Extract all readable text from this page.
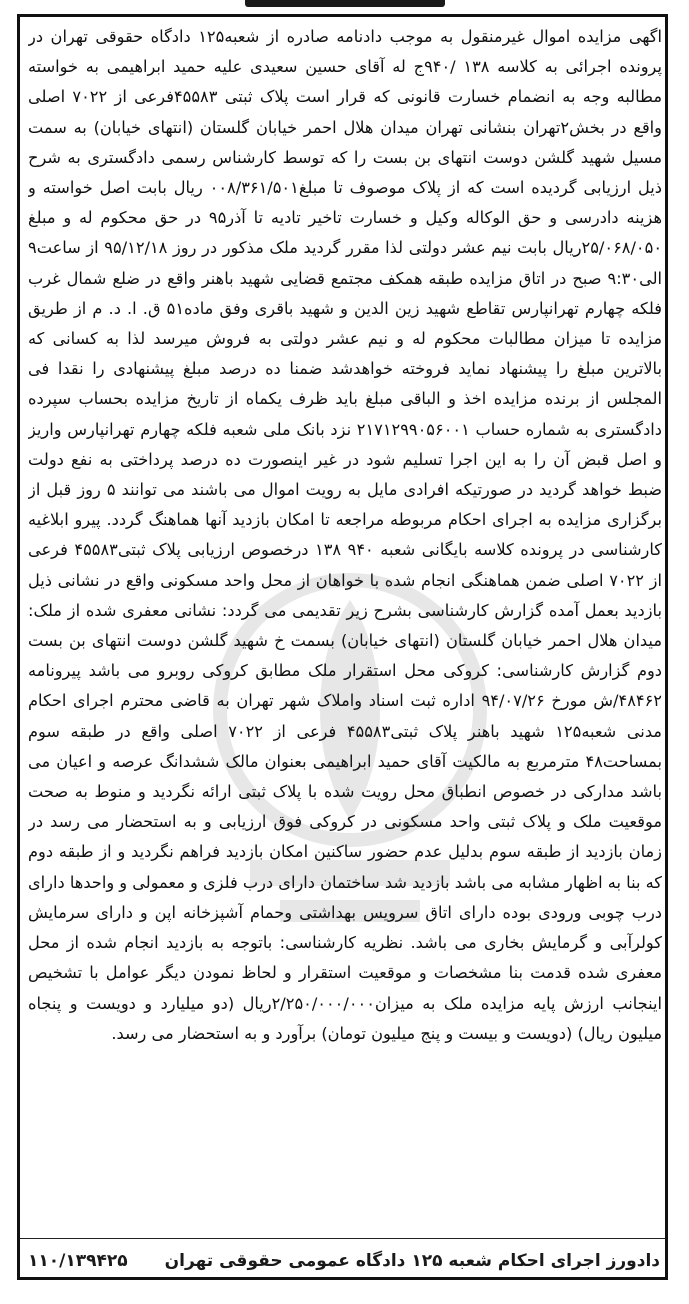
اگهی مزایده اموال غیرمنقول به موجب دادنامه صادره از شعبه۱۲۵ دادگاه حقوقی تهران در پرونده اجرائی به کلاسه ۱۳۸ /۹۴۰ج له آقای حسین سعیدی علیه حمید ابراهیمی به خواسته مطالبه وجه به انضمام خسارت قانونی که قرار است پلاک ثبتی ۴۵۵۸۳فرعی از ۷۰۲۲ اصلی واقع در بخش۲تهران بنشانی تهران میدان هلال احمر خیابان گلستان (انتهای خیابان) به سمت مسیل شهید گلشن دوست انتهای بن بست را که توسط کارشناس رسمی دادگستری به شرح ذیل ارزیابی گردیده است که از پلاک موصوف تا مبلغ۰۰۸/۳۶۱/۵۰۱ ریال بابت اصل خواسته و هزینه دادرسی و حق الوکاله وکیل و خسارت تاخیر تادیه تا آذر۹۵ در حق محکوم له و مبلغ ۲۵/۰۶۸/۰۵۰ریال بابت نیم عشر دولتی لذا مقرر گردید ملک مذکور در روز ۹۵/۱۲/۱۸ از ساعت۹ الی۹:۳۰ صبح در اتاق مزایده طبقه همکف مجتمع قضایی شهید باهنر واقع در ضلع شمال غرب فلکه چهارم تهرانپارس تقاطع شهید زین الدین و شهید باقری وفق ماده۵۱ ق. ا. د. م از طریق مزایده تا میزان مطالبات محکوم له و نیم عشر دولتی به فروش میرسد لذا به کسانی که بالاترین مبلغ را پیشنهاد نماید فروخته خواهدشد ضمنا ده درصد مبلغ پیشنهادی را نقدا فی المجلس از برنده مزایده اخذ و الباقی مبلغ باید ظرف یکماه از تاریخ مزایده بحساب سپرده دادگستری به شماره حساب ۲۱۷۱۲۹۹۰۵۶۰۰۱ نزد بانک ملی شعبه فلکه چهارم تهرانپارس واریز و اصل قبض آن را به این اجرا تسلیم شود در غیر اینصورت ده درصد پرداختی به نفع دولت ضبط خواهد گردید در صورتیکه افرادی مایل به رویت اموال می باشند می توانند ۵ روز قبل از برگزاری مزایده به اجرای احکام مربوطه مراجعه تا امکان بازدید آنها هماهنگ گردد. پیرو ابلاغیه کارشناسی در پرونده کلاسه بایگانی شعبه ۹۴۰ ۱۳۸ درخصوص ارزیابی پلاک ثبتی۴۵۵۸۳ فرعی از ۷۰۲۲ اصلی ضمن هماهنگی انجام شده با خواهان از محل واحد مسکونی واقع در نشانی ذیل بازدید بعمل آمده گزارش کارشناسی بشرح زیر تقدیمی می گردد: نشانی معفری شده از ملک: میدان هلال احمر خیابان گلستان (انتهای خیابان) بسمت خ شهید گلشن دوست انتهای بن بست دوم گزارش کارشناسی: کروکی محل استقرار ملک مطابق کروکی روبرو می باشد پیرونامه ۴۸۴۶۲/ش مورخ ۹۴/۰۷/۲۶ اداره ثبت اسناد واملاک شهر تهران به قاضی محترم اجرای احکام مدنی شعبه۱۲۵ شهید باهنر پلاک ثبتی۴۵۵۸۳ فرعی از ۷۰۲۲ اصلی واقع در طبقه سوم بمساحت۴۸ مترمربع به مالکیت آقای حمید ابراهیمی بعنوان مالک ششدانگ عرصه و اعیان می باشد مدارکی در خصوص انطباق محل رویت شده با پلاک ثبتی ارائه نگردید و منوط به صحت موقعیت ملک و پلاک ثبتی واحد مسکونی در کروکی فوق ارزیابی و به استحضار می رسد در زمان بازدید از طبقه سوم بدلیل عدم حضور ساکنین امکان بازدید فراهم نگردید و از طبقه دوم که بنا به اظهار مشابه می باشد بازدید شد ساختمان دارای درب فلزی و معمولی و واحدها دارای درب چوبی ورودی بوده دارای اتاق سرویس بهداشتی وحمام آشپزخانه اپن و دارای سرمایش کولرآبی و گرمایش بخاری می باشد. نظریه کارشناسی: باتوجه به بازدید انجام شده از محل معفری شده قدمت بنا مشخصات و موقعیت استقرار و لحاظ نمودن دیگر عوامل با تشخیص اینجانب ارزش پایه مزایده ملک به میزان۲/۲۵۰/۰۰۰/۰۰۰ریال (دو میلیارد و دویست و پنجاه میلیون ریال) (دویست و بیست و پنج میلیون تومان) برآورد و به استحضار می رسد.

دادورز اجرای احکام شعبه ۱۲۵ دادگاه عمومی حقوقی تهران
۱۱۰/۱۳۹۴۲۵
